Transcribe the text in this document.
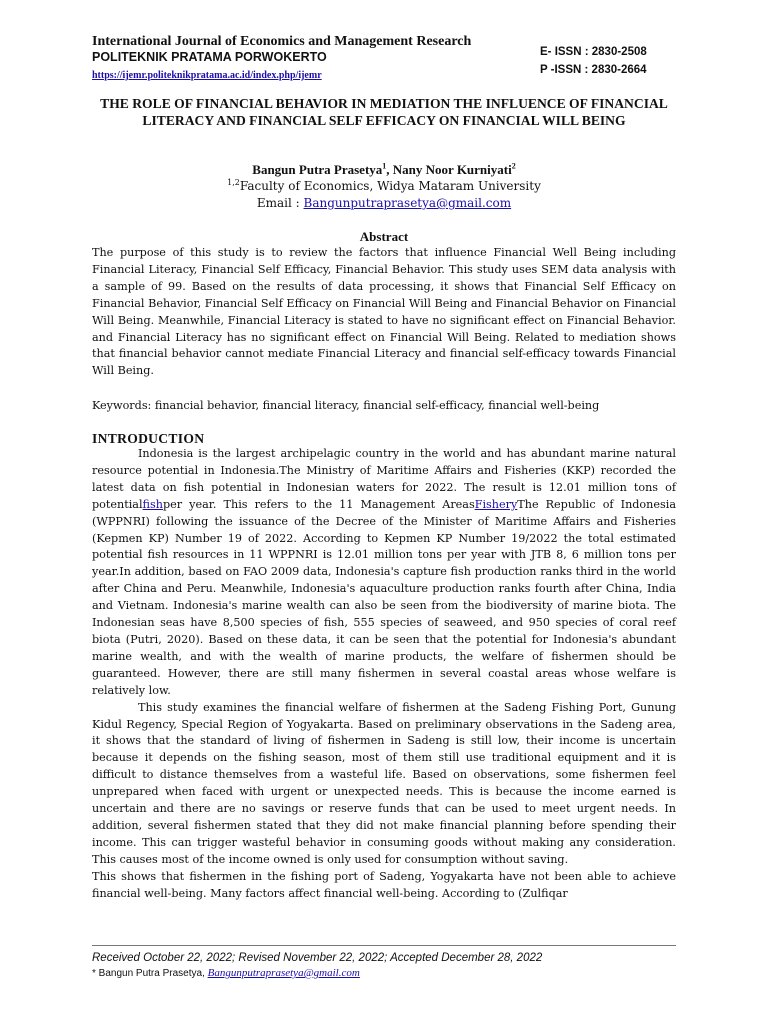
International Journal of Economics and Management Research
POLITEKNIK PRATAMA PORWOKERTO
https://ijemr.politeknikpratama.ac.id/index.php/ijemr
E- ISSN : 2830-2508
P -ISSN : 2830-2664
THE ROLE OF FINANCIAL BEHAVIOR IN MEDIATION THE INFLUENCE OF FINANCIAL LITERACY AND FINANCIAL SELF EFFICACY ON FINANCIAL WILL BEING
Bangun Putra Prasetya$^1$, Nany Noor Kurniyati$^2$
$^{1,2}$Faculty of Economics, Widya Mataram University
Email : Bangunputraprasetya@gmail.com
Abstract
The purpose of this study is to review the factors that influence Financial Well Being including Financial Literacy, Financial Self Efficacy, Financial Behavior. This study uses SEM data analysis with a sample of 99. Based on the results of data processing, it shows that Financial Self Efficacy on Financial Behavior, Financial Self Efficacy on Financial Will Being and Financial Behavior on Financial Will Being. Meanwhile, Financial Literacy is stated to have no significant effect on Financial Behavior. and Financial Literacy has no significant effect on Financial Will Being. Related to mediation shows that financial behavior cannot mediate Financial Literacy and financial self-efficacy towards Financial Will Being.
Keywords: financial behavior, financial literacy, financial self-efficacy, financial well-being
INTRODUCTION

Indonesia is the largest archipelagic country in the world and has abundant marine natural resource potential in Indonesia.The Ministry of Maritime Affairs and Fisheries (KKP) recorded the latest data on fish potential in Indonesian waters for 2022. The result is 12.01 million tons of potentialfishper year. This refers to the 11 Management AreasFisheryThe Republic of Indonesia (WPPNRI) following the issuance of the Decree of the Minister of Maritime Affairs and Fisheries (Kepmen KP) Number 19 of 2022. According to Kepmen KP Number 19/2022 the total estimated potential fish resources in 11 WPPNRI is 12.01 million tons per year with JTB 8, 6 million tons per year.In addition, based on FAO 2009 data, Indonesia's capture fish production ranks third in the world after China and Peru. Meanwhile, Indonesia's aquaculture production ranks fourth after China, India and Vietnam. Indonesia's marine wealth can also be seen from the biodiversity of marine biota. The Indonesian seas have 8,500 species of fish, 555 species of seaweed, and 950 species of coral reef biota (Putri, 2020). Based on these data, it can be seen that the potential for Indonesia's abundant marine wealth, and with the wealth of marine products, the welfare of fishermen should be guaranteed. However, there are still many fishermen in several coastal areas whose welfare is relatively low.

This study examines the financial welfare of fishermen at the Sadeng Fishing Port, Gunung Kidul Regency, Special Region of Yogyakarta. Based on preliminary observations in the Sadeng area, it shows that the standard of living of fishermen in Sadeng is still low, their income is uncertain because it depends on the fishing season, most of them still use traditional equipment and it is difficult to distance themselves from a wasteful life. Based on observations, some fishermen feel unprepared when faced with urgent or unexpected needs. This is because the income earned is uncertain and there are no savings or reserve funds that can be used to meet urgent needs. In addition, several fishermen stated that they did not make financial planning before spending their income. This can trigger wasteful behavior in consuming goods without making any consideration. This causes most of the income owned is only used for consumption without saving.

This shows that fishermen in the fishing port of Sadeng, Yogyakarta have not been able to achieve financial well-being. Many factors affect financial well-being. According to (Zulfiqar

Received October 22, 2022; Revised November 22, 2022; Accepted December 28, 2022
* Bangun Putra Prasetya, Bangunputraprasetya@gmail.com
